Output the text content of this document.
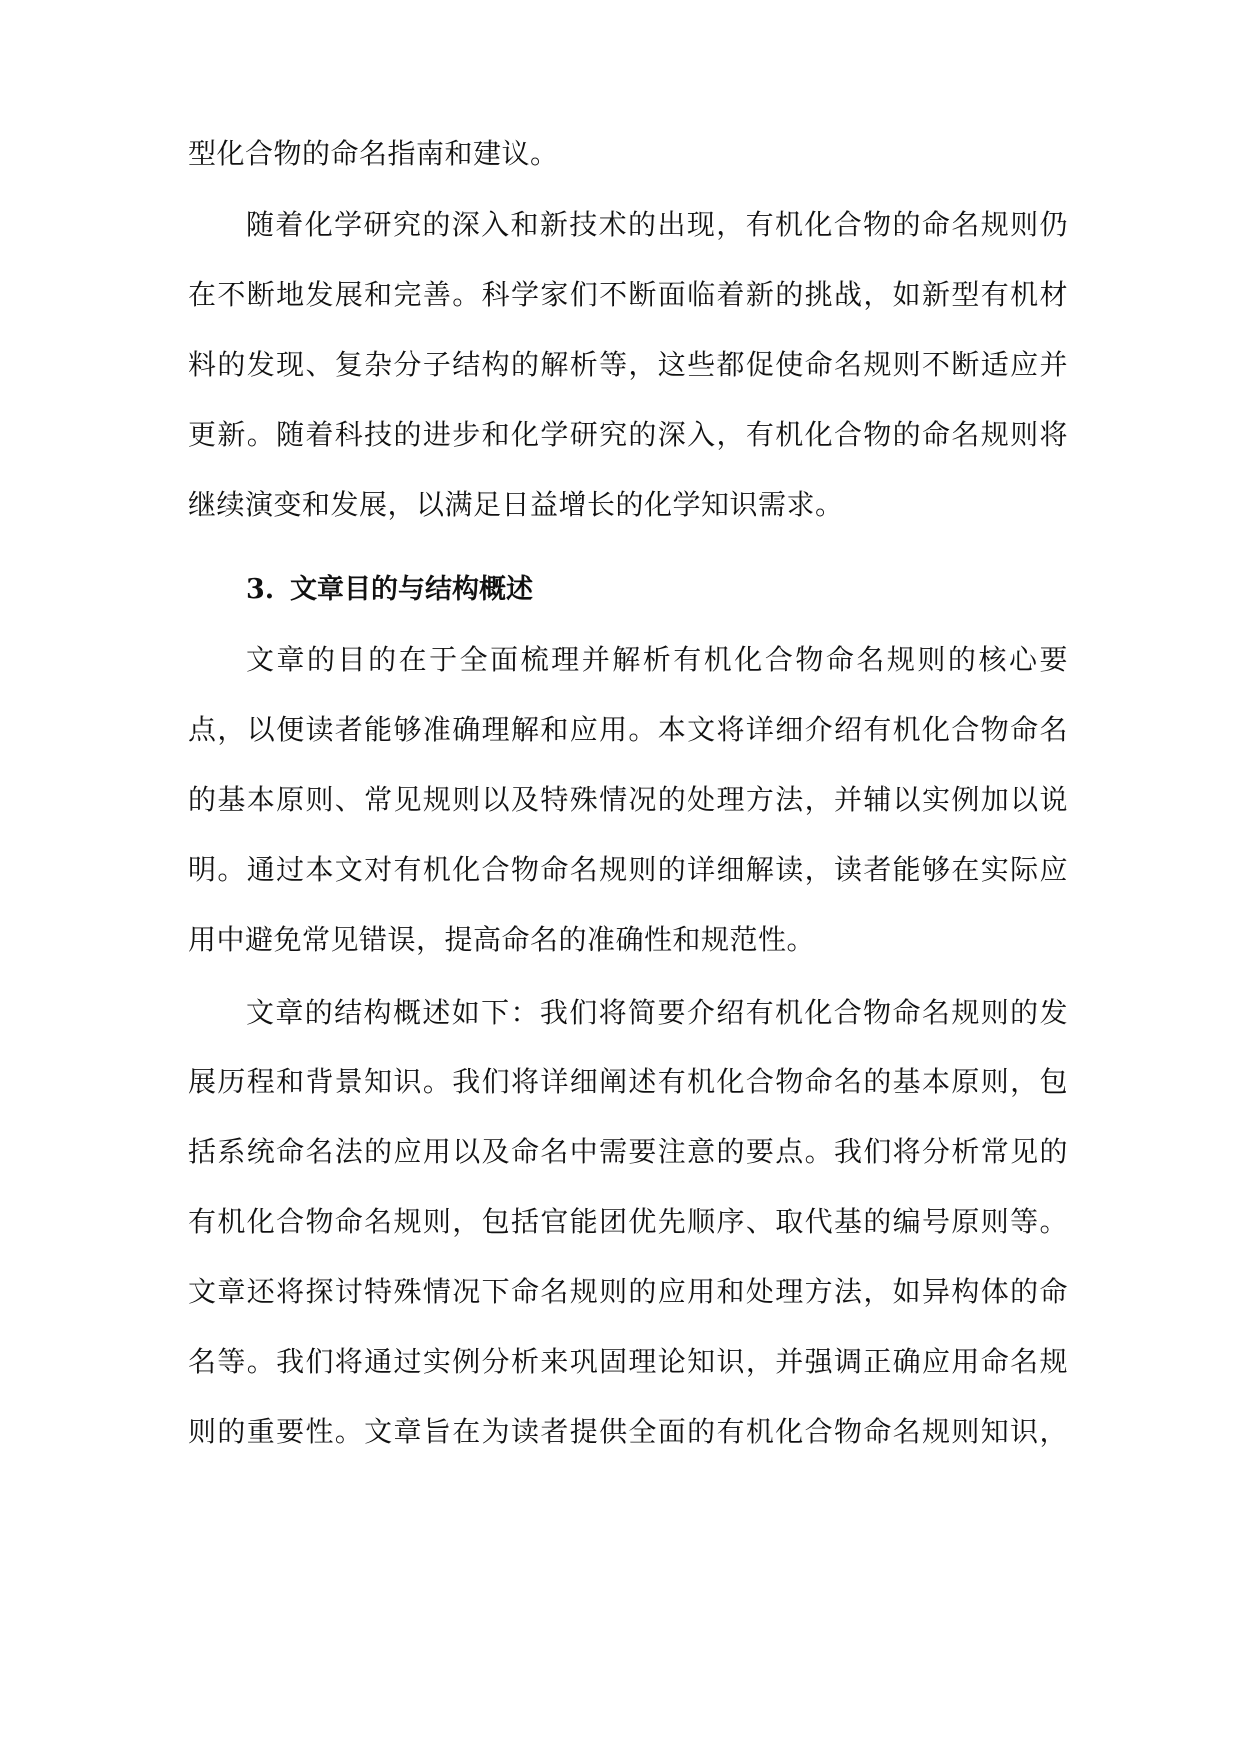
型化合物的命名指南和建议。
随着化学研究的深入和新技术的出现，有机化合物的命名规则仍
在不断地发展和完善。科学家们不断面临着新的挑战，如新型有机材
料的发现、复杂分子结构的解析等，这些都促使命名规则不断适应并
更新。随着科技的进步和化学研究的深入，有机化合物的命名规则将
继续演变和发展，以满足日益增长的化学知识需求。
3. 文章目的与结构概述
文章的目的在于全面梳理并解析有机化合物命名规则的核心要
点，以便读者能够准确理解和应用。本文将详细介绍有机化合物命名
的基本原则、常见规则以及特殊情况的处理方法，并辅以实例加以说
明。通过本文对有机化合物命名规则的详细解读，读者能够在实际应
用中避免常见错误，提高命名的准确性和规范性。
文章的结构概述如下：我们将简要介绍有机化合物命名规则的发
展历程和背景知识。我们将详细阐述有机化合物命名的基本原则，包
括系统命名法的应用以及命名中需要注意的要点。我们将分析常见的
有机化合物命名规则，包括官能团优先顺序、取代基的编号原则等。
文章还将探讨特殊情况下命名规则的应用和处理方法，如异构体的命
名等。我们将通过实例分析来巩固理论知识，并强调正确应用命名规
则的重要性。文章旨在为读者提供全面的有机化合物命名规则知识，
